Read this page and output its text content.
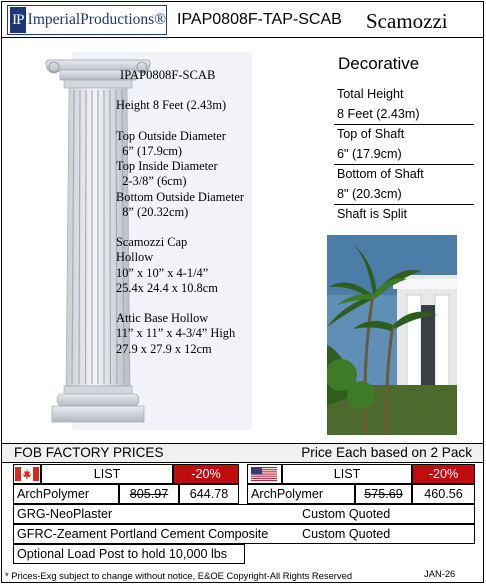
IP ImperialProductions® IPAP0808F-TAP-SCAB Scamozzi
IPAP0808F-SCAB

Height 8 Feet (2.43m)

Top Outside Diameter
6” (17.9cm)
Top Inside Diameter
2-3/8” (6cm)
Bottom Outside Diameter
8” (20.32cm)

Scamozzi Cap
Hollow
10” x 10” x 4-1/4”
25.4x 24.4 x 10.8cm

Attic Base Hollow
11” x 11” x 4-3/4” High
27.9 x 27.9 x 12cm
Decorative
Total Height
8 Feet (2.43m)
Top of Shaft
6" (17.9cm)
Bottom of Shaft
8" (20.3cm)
Shaft is Split
FOB FACTORY PRICES	Price Each based on 2 Pack
LIST	-20%	LIST	-20%
ArchPolymer	805.97	644.78	ArchPolymer	575.69	460.56
GRG-NeoPlaster	Custom Quoted
GFRC-Zeament Portland Cement Composite	Custom Quoted
Optional Load Post to hold 10,000 lbs
* Prices-Exg subject to change without notice, E&OE Copyright-All Rights Reserved	JAN-26
